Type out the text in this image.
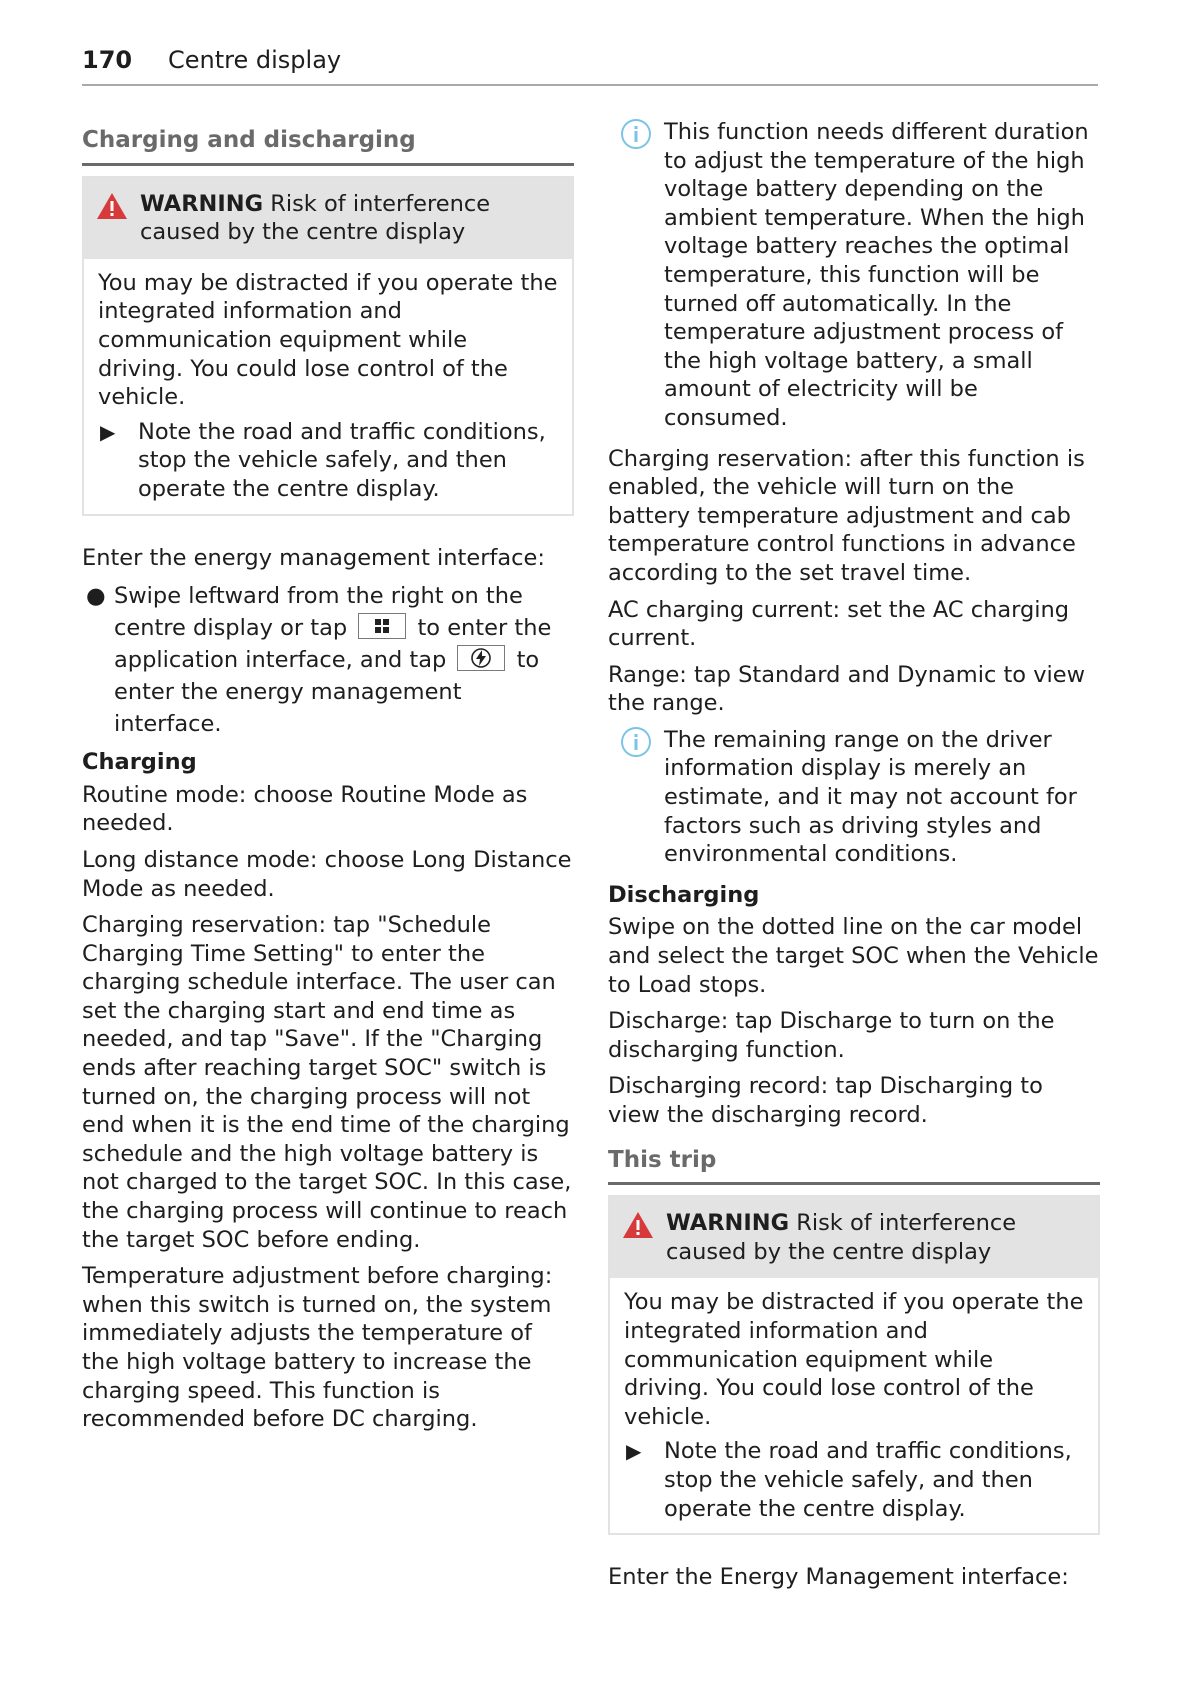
170 Centre display
Charging and discharging
WARNING Risk of interference caused by the centre display

You may be distracted if you operate the integrated information and communication equipment while driving. You could lose control of the vehicle.

▶ Note the road and traffic conditions, stop the vehicle safely, and then operate the centre display.

Enter the energy management interface:

● Swipe leftward from the right on the centre display or tap	to enter the application interface, and tap	to enter the energy management interface.
Charging

Routine mode: choose Routine Mode as needed.

Long distance mode: choose Long Distance Mode as needed.

Charging reservation: tap "Schedule Charging Time Setting" to enter the charging schedule interface. The user can set the charging start and end time as needed, and tap "Save". If the "Charging ends after reaching target SOC" switch is turned on, the charging process will not end when it is the end time of the charging schedule and the high voltage battery is not charged to the target SOC. In this case, the charging process will continue to reach the target SOC before ending.

Temperature adjustment before charging: when this switch is turned on, the system immediately adjusts the temperature of the high voltage battery to increase the charging speed. This function is recommended before DC charging.

This function needs different duration to adjust the temperature of the high voltage battery depending on the ambient temperature. When the high voltage battery reaches the optimal temperature, this function will be turned off automatically. In the temperature adjustment process of the high voltage battery, a small amount of electricity will be consumed.

Charging reservation: after this function is enabled, the vehicle will turn on the battery temperature adjustment and cab temperature control functions in advance according to the set travel time.

AC charging current: set the AC charging current.

Range: tap Standard and Dynamic to view the range.

The remaining range on the driver information display is merely an estimate, and it may not account for factors such as driving styles and environmental conditions.
Discharging

Swipe on the dotted line on the car model and select the target SOC when the Vehicle to Load stops.

Discharge: tap Discharge to turn on the discharging function.

Discharging record: tap Discharging to view the discharging record.

This trip
WARNING Risk of interference caused by the centre display

You may be distracted if you operate the integrated information and communication equipment while driving. You could lose control of the vehicle.

▶ Note the road and traffic conditions, stop the vehicle safely, and then operate the centre display.

Enter the Energy Management interface:
